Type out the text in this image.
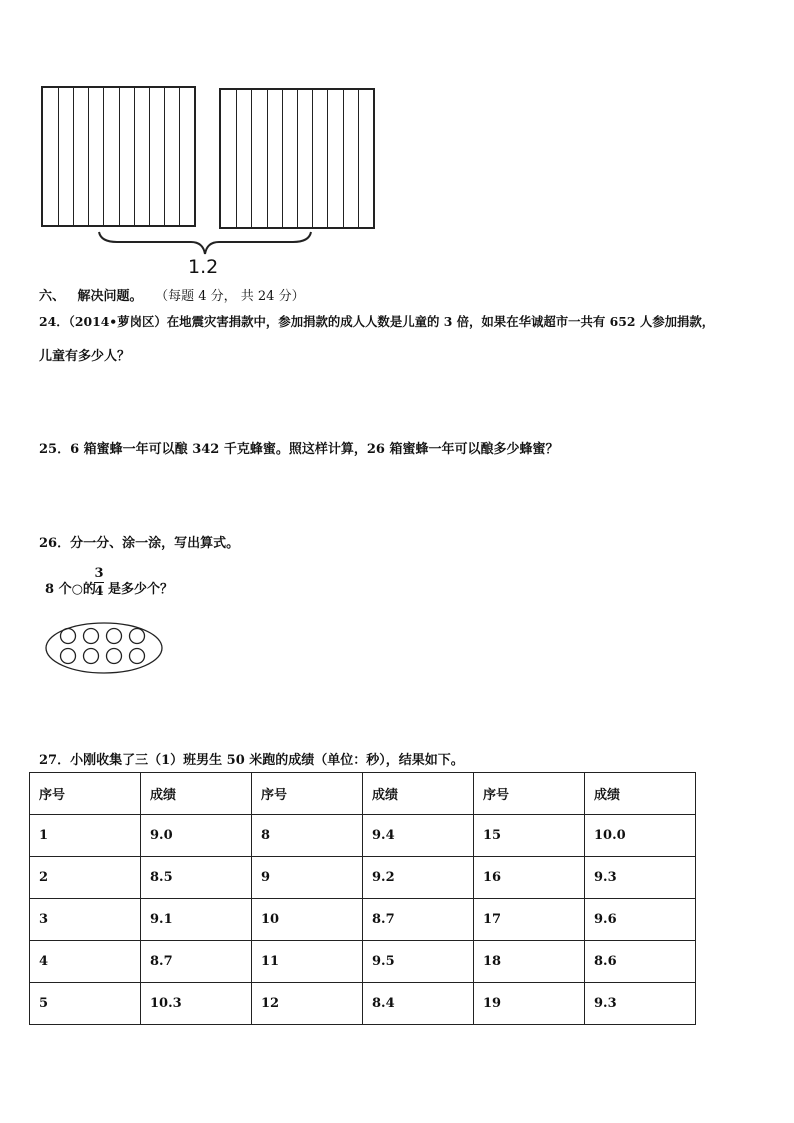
1.2
六、 解决问题。 （每题 4 分， 共 24 分）
24．（2014•萝岗区）在地震灾害捐款中，参加捐款的成人人数是儿童的 3 倍，如果在华诚超市一共有 652 人参加捐款，
儿童有多少人？
25．6 箱蜜蜂一年可以酿 342 千克蜂蜜。照这样计算，26 箱蜜蜂一年可以酿多少蜂蜜？
26．分一分、涂一涂，写出算式。
8 个○的
3
4 是多少个？
27．小刚收集了三（1）班男生 50 米跑的成绩（单位：秒），结果如下。
序号	成绩	序号	成绩	序号	成绩
1	9.0	8	9.4	15	10.0
2	8.5	9	9.2	16	9.3
3	9.1	10	8.7	17	9.6
4	8.7	11	9.5	18	8.6
5	10.3	12	8.4	19	9.3
